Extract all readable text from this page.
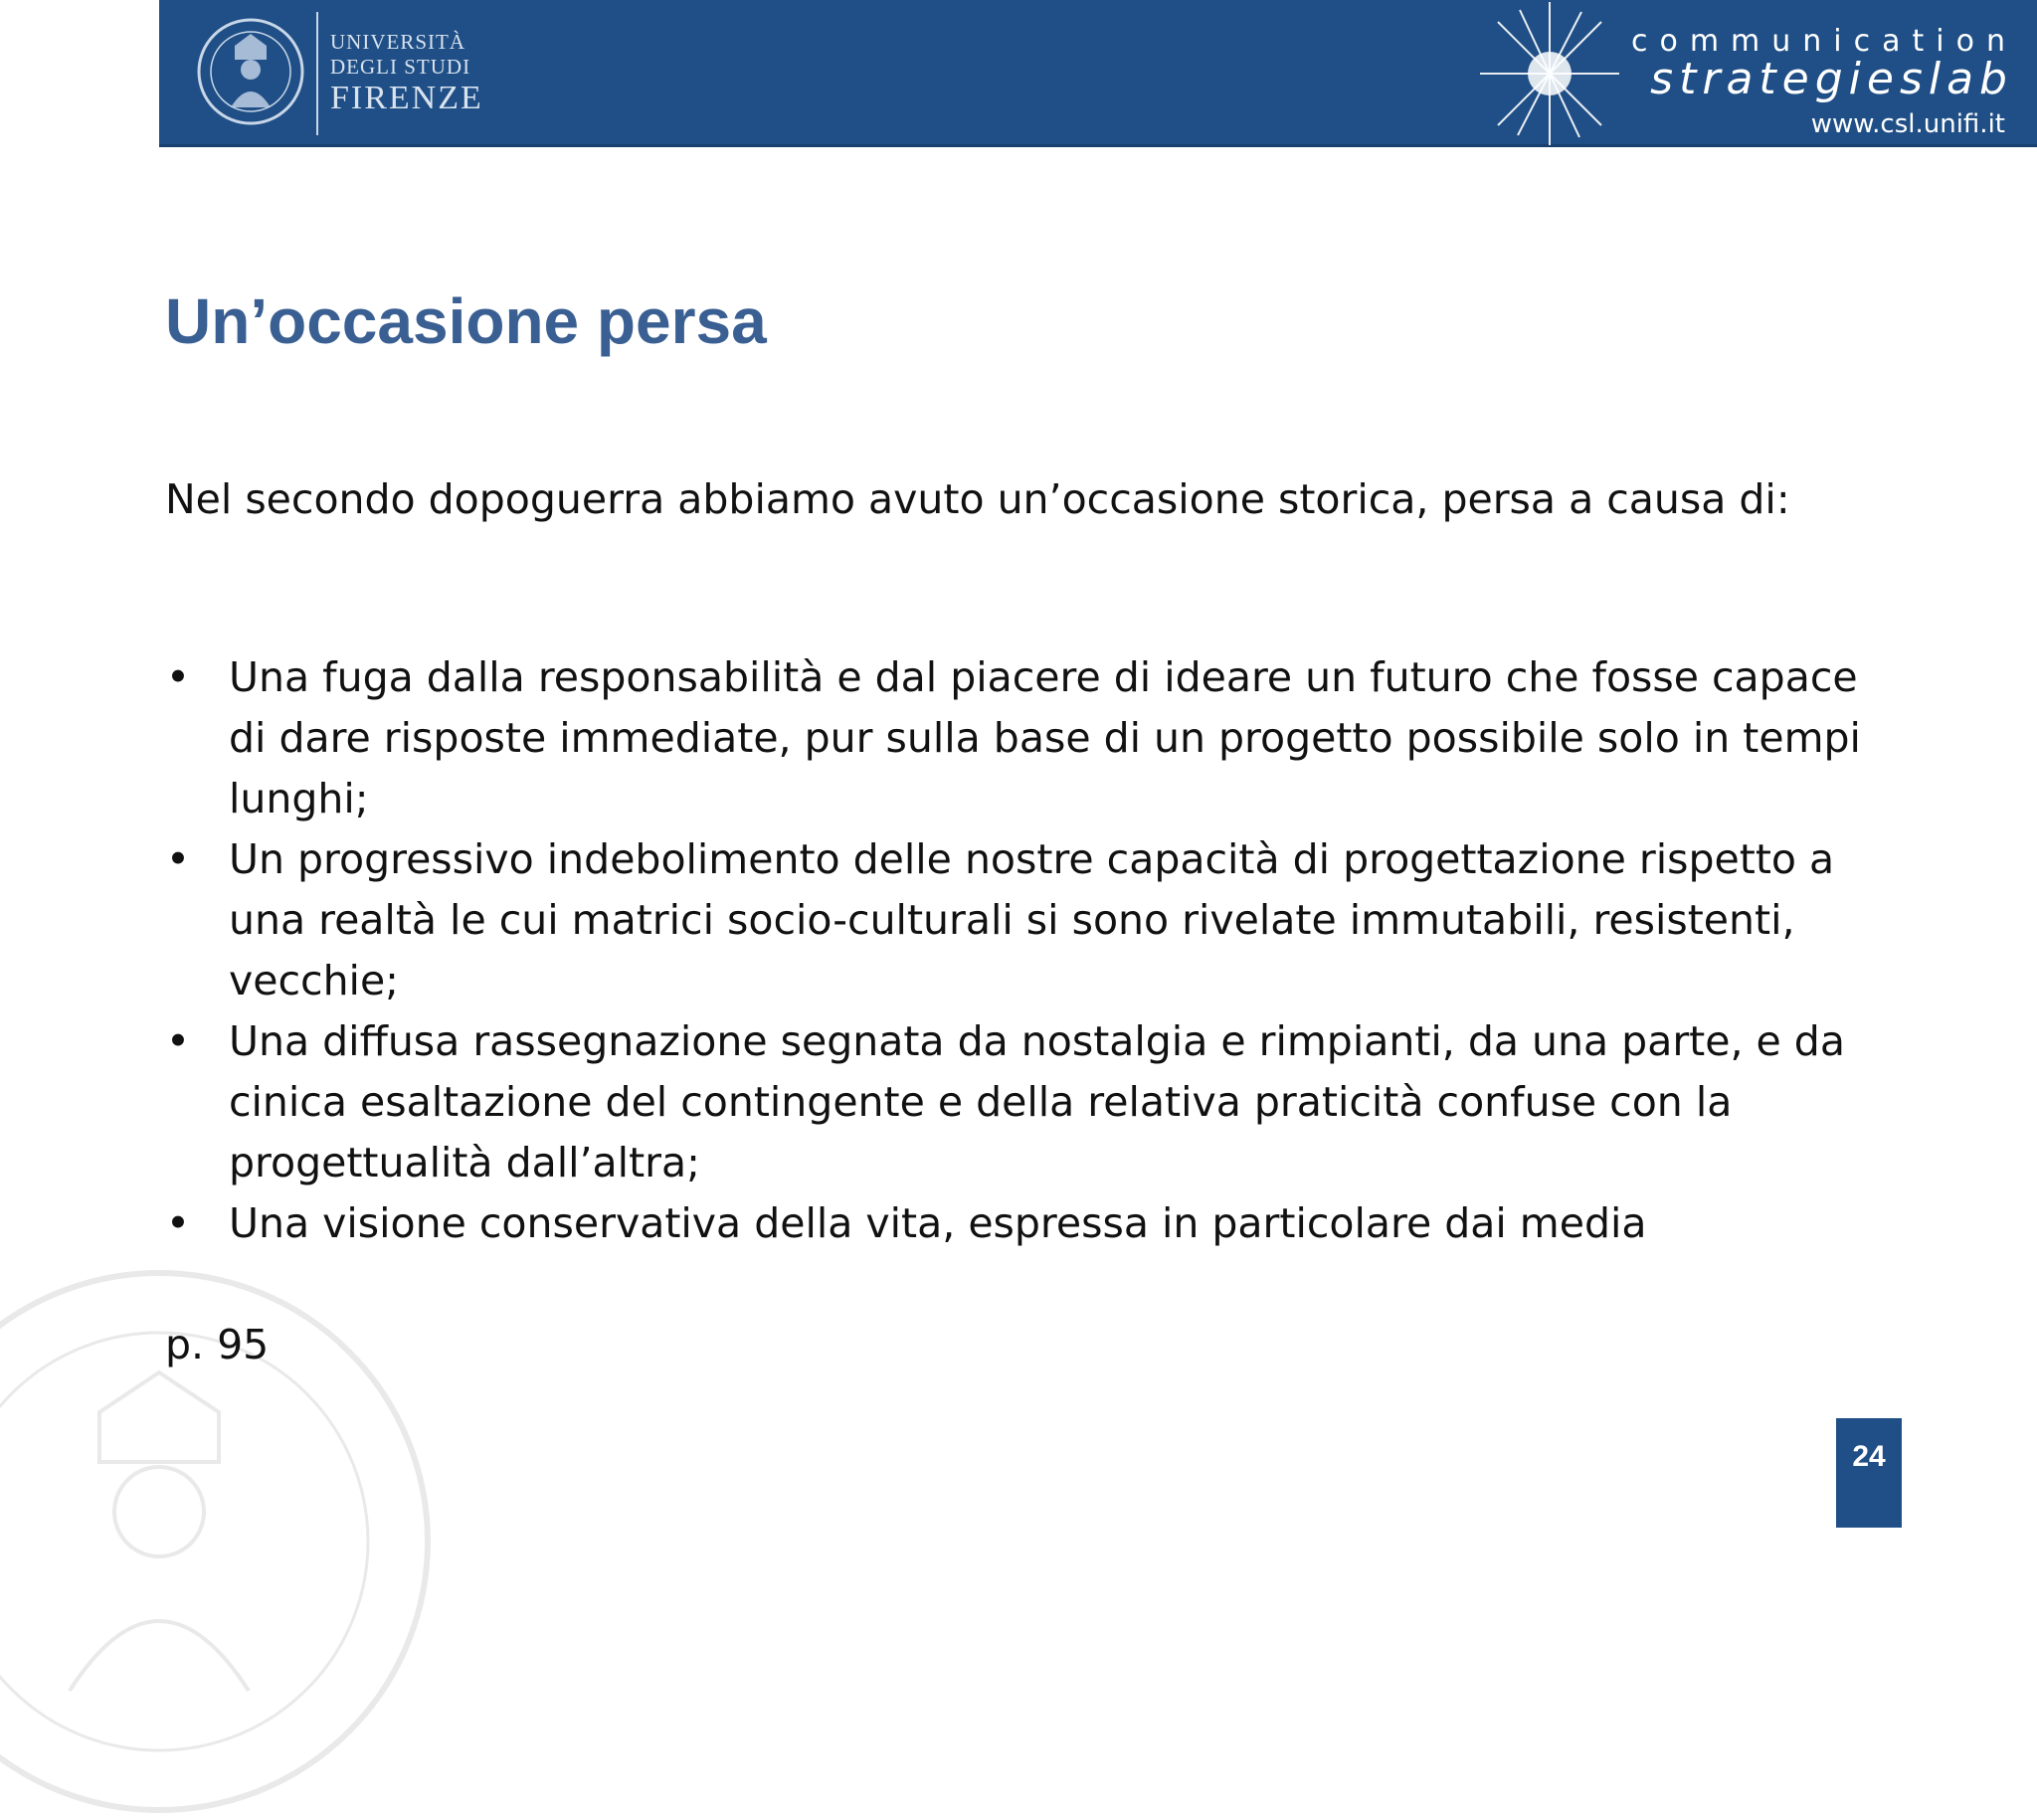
UNIVERSITÀ
DEGLI STUDI
FIRENZE
communication
strategieslab
www.csl.unifi.it
Un’occasione persa
Nel secondo dopoguerra abbiamo avuto un’occasione storica, persa a causa di:
• Una fuga dalla responsabilità e dal piacere di ideare un futuro che fosse capace di dare risposte immediate, pur sulla base di un progetto possibile solo in tempi lunghi;
• Un progressivo indebolimento delle nostre capacità di progettazione rispetto a una realtà le cui matrici socio-culturali si sono rivelate immutabili, resistenti, vecchie;
• Una diffusa rassegnazione segnata da nostalgia e rimpianti, da una parte, e da cinica esaltazione del contingente e della relativa praticità confuse con la progettualità dall’altra;
• Una visione conservativa della vita, espressa in particolare dai media
p. 95
24
